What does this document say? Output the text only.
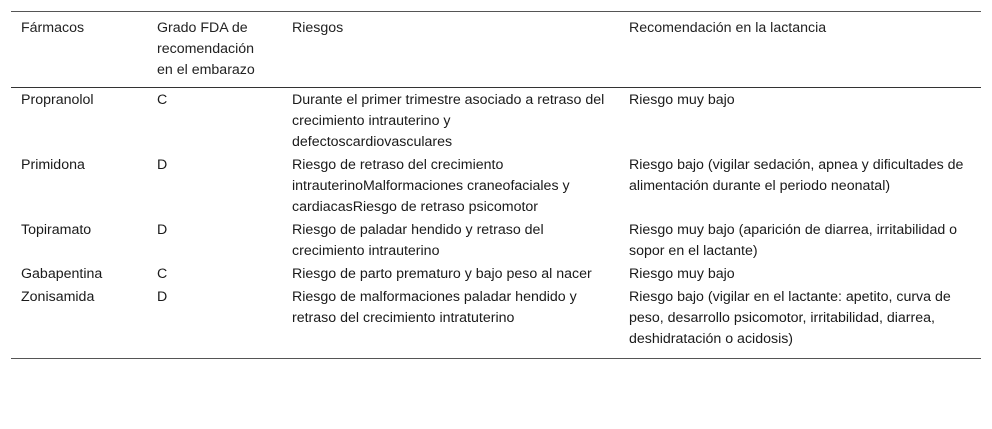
Fármacos	Grado FDA de recomendación en el embarazo	Riesgos	Recomendación en la lactancia
Propranolol	C	Durante el primer trimestre asociado a retraso del crecimiento intrauterino y defectoscardiovasculares	Riesgo muy bajo
Primidona	D	Riesgo de retraso del crecimiento intrauterinoMalformaciones craneofaciales y cardiacasRiesgo de retraso psicomotor	Riesgo bajo (vigilar sedación, apnea y dificultades de alimentación durante el periodo neonatal)
Topiramato	D	Riesgo de paladar hendido y retraso del crecimiento intrauterino	Riesgo muy bajo (aparición de diarrea, irritabilidad o sopor en el lactante)
Gabapentina	C	Riesgo de parto prematuro y bajo peso al nacer	Riesgo muy bajo
Zonisamida	D	Riesgo de malformaciones paladar hendido y retraso del crecimiento intratuterino	Riesgo bajo (vigilar en el lactante: apetito, curva de peso, desarrollo psicomotor, irritabilidad, diarrea, deshidratación o acidosis)
